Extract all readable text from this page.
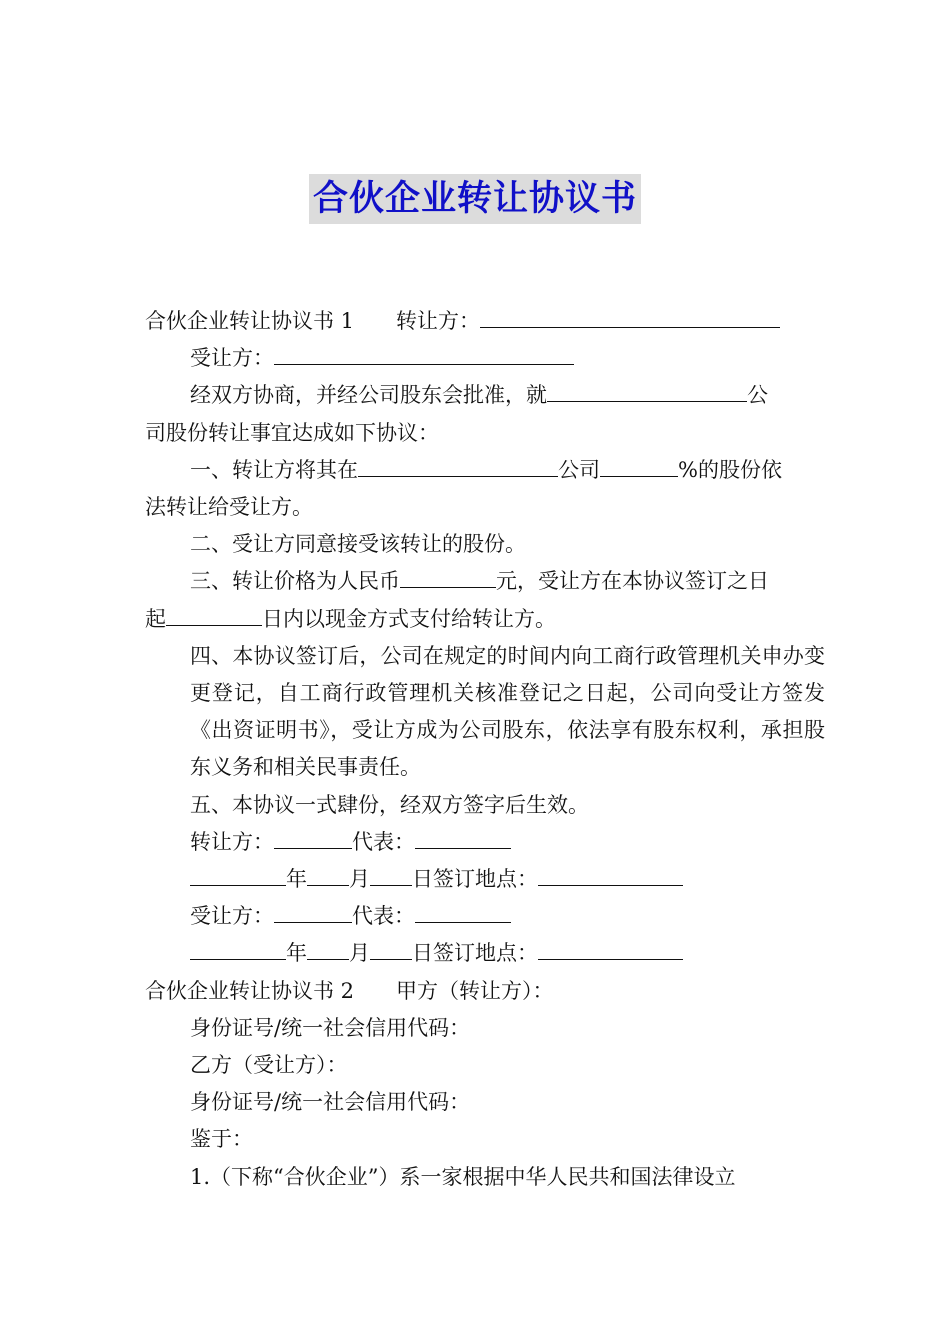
合伙企业转让协议书

合伙企业转让协议书 1 转让方：

受让方：

经双方协商，并经公司股东会批准，就	公

司股份转让事宜达成如下协议：

一、转让方将其在	公司	%的股份依

法转让给受让方。

二、受让方同意接受该转让的股份。

三、转让价格为人民币	元，受让方在本协议签订之日

起	日内以现金方式支付给转让方。

四、本协议签订后，公司在规定的时间内向工商行政管理机关申办变更登记，自工商行政管理机关核准登记之日起，公司向受让方签发《出资证明书》，受让方成为公司股东，依法享有股东权利，承担股东义务和相关民事责任。

五、本协议一式肆份，经双方签字后生效。

转让方：	代表：

年 月 日签订地点：

受让方：	代表：

年 月 日签订地点：

合伙企业转让协议书 2 甲方（转让方）：

身份证号/统一社会信用代码：

乙方（受让方）：

身份证号/统一社会信用代码：

鉴于：

1.（下称“合伙企业”）系一家根据中华人民共和国法律设立
